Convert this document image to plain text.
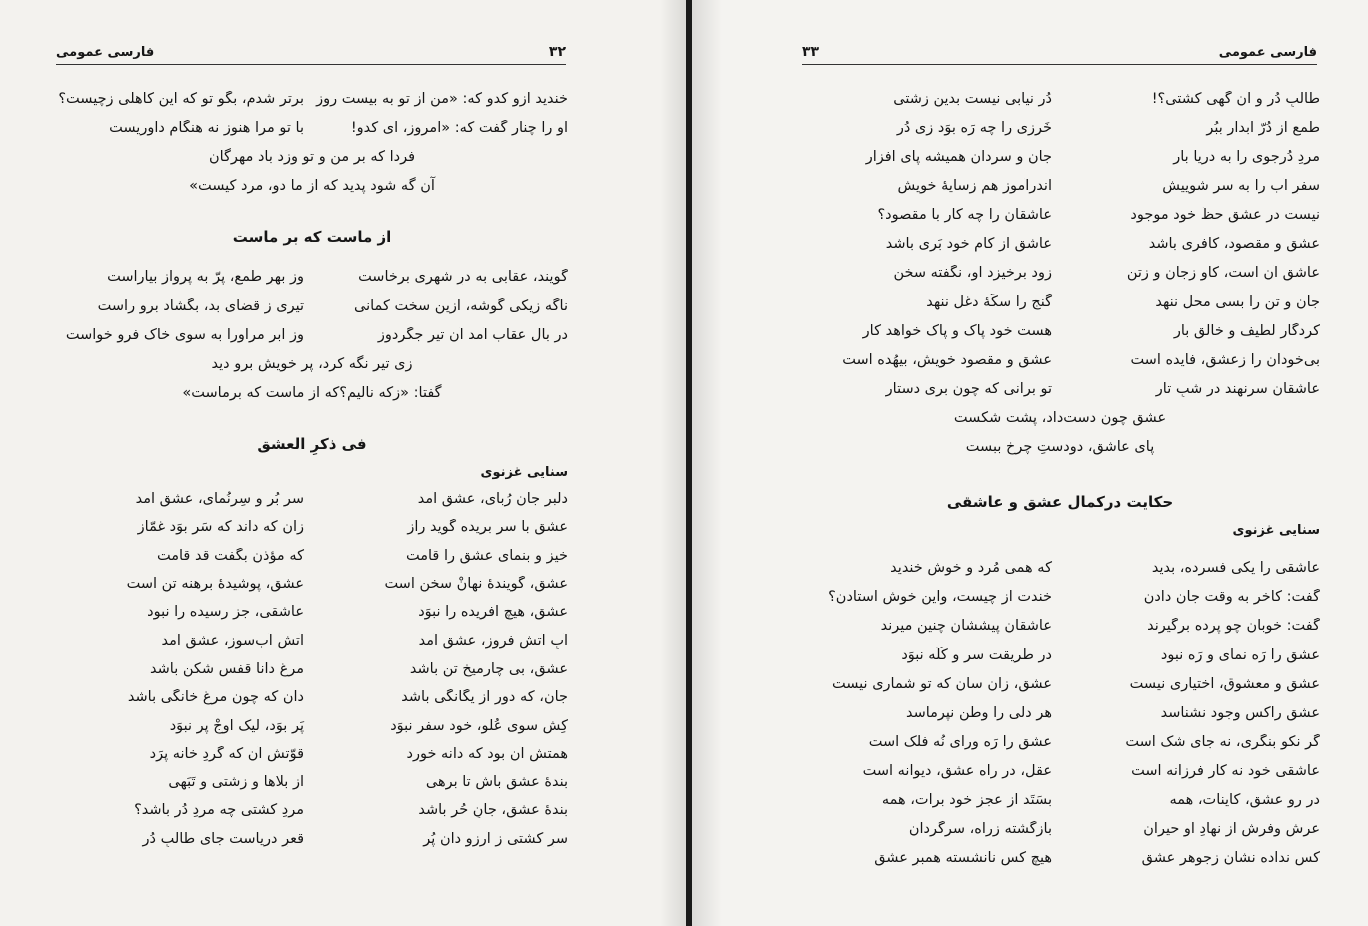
فارسی عمومی	۳۲
خندید ازو کدو که: «من از تو به بیست روز
برتر شدم، بگو تو که این کاهلی زچیست؟
او را چنار گفت که: «امروز، ای کدو!
با تو مرا هنوز نه هنگام داوریست
فردا که بر من و تو وزد باد مهرگان
آن گه شود پدید که از ما دو، مرد کیست»
از ماست که بر ماست
گویند، عقابی به درِ شهری برخاست
وز بهرِ طمع، پرّ به پرواز بیاراست
ناگه زیکی گوشه، ازین سخت کمانی
تیری ز قضای بد، بگشاد برو راست
در بال عقاب آمد آن تیر جگردوز
وز ابر مراورا به سوی خاک فرو خواست
زی تیر نگه کرد، پر خویش برو دید
گفتا: «زکه نالیم؟که از ماست که برماست»
فی ذکرِ العشق
سنایی غزنوی
دلبرِ جان رُبای، عشق آمد
سر بُر و سِرنُمای، عشق آمد
عشق با سر بریده گوید راز
زان که داند که سَر بوَد غمّاز
خیز و بنمای عشق را قامت
که مؤذن بگفت قد قامت
عشق، گویندهٔ نهانْ سخن است
عشق، پوشیدهٔ برهنه تن است
عشق، هیچ آفریده را نبوَد
عاشقی، جز رسیده را نبود
آبِ آتش فروز، عشق آمد
آتشِ آب‌سوز، عشق آمد
عشق، بی چارمیخ تن باشد
مرغِ دانا قفس شکن باشد
جان، که دور از یگانگی باشد
دان که چون مرغ خانگی باشد
کِش سوی عُلو، خود سفر نبوَد
پَر بوَد، لیک اوجْ پر نبوَد
همتش آن بود که دانه خورد
قوّتش آن که گردِ خانه پرَد
بندهٔ عشق باش تا برهی
از بلاها و زشتی و تَبَهی
بندهٔ عشق، جانِ حُر باشد
مردِ کشتی چه مردِ دُر باشد؟
سرِ کشتی ز آرزو دان پُر
قعرِ دریاست جای طالبِ دُر
فارسی عمومی
۳۳
طالبِ دُر و آن گهی کشتی؟!
دُر نیابی نیست بدین زشتی
طمع از دُرّ آبدار ببُر
خَرزی را چه رَه بوَد زی دُر
مردِ دُرجوی را به دریا بار
جان و سردان همیشه پای افزار
سفرِ آب را به سر شوییش
اندرآموز هم زسایهٔ خویش
نیست در عشق حظِّ خود موجود
عاشقان را چه کار با مقصود؟
عشق و مقصود، کافری باشد
عاشق از کامِ خود بَری باشد
عاشق آن است، کاو زجان و زتن
زود برخیزد او، نگفته سخن
جان و تن را بسی محل ننهد
گنج را سکّهٔ دغل ننهد
کردگار لطیف و خالقِ بار
هست خود پاک و پاک خواهد کار
بی‌خودان را زعشق، فایده است
عشق و مقصود خویش، بیهُده است
عاشقان سرنهند در شبِ تار
تو برآنی که چون بری دستار
عشق چون دست‌داد، پشت شکست
پای عاشق، دودستِ چرخ ببست
حکایت درکمال عشق و عاشقی
سنایی غزنوی
عاشقی را یکی فسرده، بدید
که همی مُرد و خوش خندید
گفت: کاخر به وقت جان دادن
خندت از چیست، واین خوش استادن؟
گفت: خوبان چو پرده برگیرند
عاشقان پیششان چنین میرند
عشق را رَه نمای و رَه نبود
در طریقت سر و کُلَه نبوَد
عشق و معشوق، اختیاری نیست
عشق، زان سان که تو شماری نیست
عشق راکس وجود نشناسد
هر دلی را وطن نپرماسد
گر نکو بنگری، نه جای شک است
عشق را رَه ورای نُه فلک است
عاشقی خود نه کار فرزانه است
عقل، در راه عشق، دیوانه است
در رو عشق، کاینات، همه
بسَتَد از عجزِ خود برات، همه
عرش وفرش از نهادِ او حیران
بازگشته زراه، سرگردان
کس نداده نشان زجوهر عشق
هیچ کس نانشسته همبرِ عشق
